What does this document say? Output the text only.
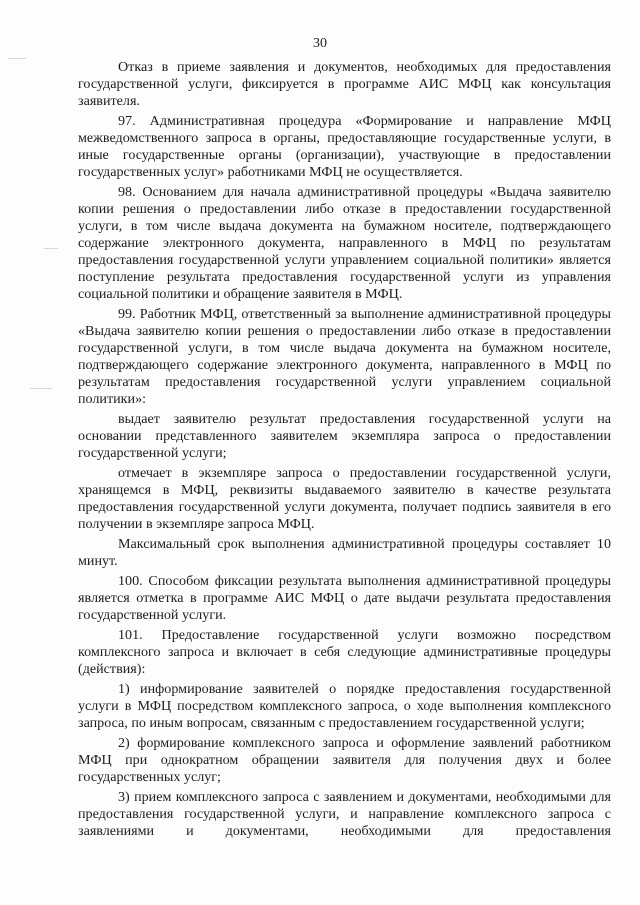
30

Отказ в приеме заявления и документов, необходимых для предоставления государственной услуги, фиксируется в программе АИС МФЦ как консультация заявителя.

97. Административная процедура «Формирование и направление МФЦ межведомственного запроса в органы, предоставляющие государственные услуги, в иные государственные органы (организации), участвующие в предоставлении государственных услуг» работниками МФЦ не осуществляется.

98. Основанием для начала административной процедуры «Выдача заявителю копии решения о предоставлении либо отказе в предоставлении государственной услуги, в том числе выдача документа на бумажном носителе, подтверждающего содержание электронного документа, направленного в МФЦ по результатам предоставления государственной услуги управлением социальной политики» является поступление результата предоставления государственной услуги из управления социальной политики и обращение заявителя в МФЦ.

99. Работник МФЦ, ответственный за выполнение административной процедуры «Выдача заявителю копии решения о предоставлении либо отказе в предоставлении государственной услуги, в том числе выдача документа на бумажном носителе, подтверждающего содержание электронного документа, направленного в МФЦ по результатам предоставления государственной услуги управлением социальной политики»:

выдает заявителю результат предоставления государственной услуги на основании представленного заявителем экземпляра запроса о предоставлении государственной услуги;

отмечает в экземпляре запроса о предоставлении государственной услуги, хранящемся в МФЦ, реквизиты выдаваемого заявителю в качестве результата предоставления государственной услуги документа, получает подпись заявителя в его получении в экземпляре запроса МФЦ.

Максимальный срок выполнения административной процедуры составляет 10 минут.

100. Способом фиксации результата выполнения административной процедуры является отметка в программе АИС МФЦ о дате выдачи результата предоставления государственной услуги.

101. Предоставление государственной услуги возможно посредством комплексного запроса и включает в себя следующие административные процедуры (действия):

1) информирование заявителей о порядке предоставления государственной услуги в МФЦ посредством комплексного запроса, о ходе выполнения комплексного запроса, по иным вопросам, связанным с предоставлением государственной услуги;

2) формирование комплексного запроса и оформление заявлений работником МФЦ при однократном обращении заявителя для получения двух и более государственных услуг;

3) прием комплексного запроса с заявлением и документами, необходимыми для предоставления государственной услуги, и направление комплексного запроса с заявлениями и документами, необходимыми для предоставления
